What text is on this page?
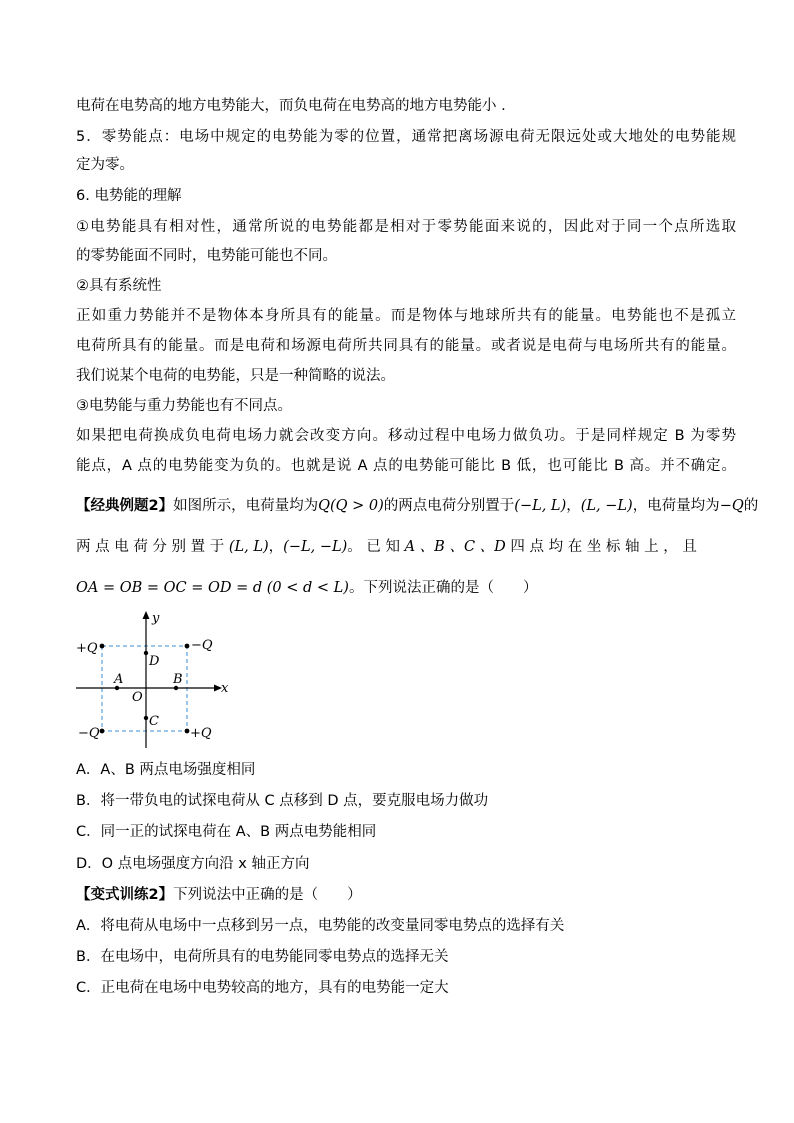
电荷在电势高的地方电势能大，而负电荷在电势高的地方电势能小 .
5．零势能点：电场中规定的电势能为零的位置，通常把离场源电荷无限远处或大地处的电势能规
定为零。
6. 电势能的理解
①电势能具有相对性，通常所说的电势能都是相对于零势能面来说的，因此对于同一个点所选取
的零势能面不同时，电势能可能也不同。
②具有系统性
正如重力势能并不是物体本身所具有的能量。而是物体与地球所共有的能量。电势能也不是孤立
电荷所具有的能量。而是电荷和场源电荷所共同具有的能量。或者说是电荷与电场所共有的能量。
我们说某个电荷的电势能，只是一种简略的说法。
③电势能与重力势能也有不同点。
如果把电荷换成负电荷电场力就会改变方向。移动过程中电场力做负功。于是同样规定 B 为零势
能点，A 点的电势能变为负的。也就是说 A 点的电势能可能比 B 低，也可能比 B 高。并不确定。
【经典例题2】如图所示，电荷量均为Q(Q > 0)的两点电荷分别置于(−L, L)，(L, −L)，电荷量均为−Q的
两 点 电 荷 分 别 置 于 (L, L)，(−L, −L)。 已 知 A 、B 、C 、D 四 点 均 在 坐 标 轴 上 ， 且
OA = OB = OC = OD = d (0 < d < L)。下列说法正确的是（　　）
y
x
O
+Q	−Q
−Q	+Q
A	B
D
C
A．A、B 两点电场强度相同
B．将一带负电的试探电荷从 C 点移到 D 点，要克服电场力做功
C．同一正的试探电荷在 A、B 两点电势能相同
D．O 点电场强度方向沿 x 轴正方向
【变式训练2】下列说法中正确的是（　　）
A．将电荷从电场中一点移到另一点，电势能的改变量同零电势点的选择有关
B．在电场中，电荷所具有的电势能同零电势点的选择无关
C．正电荷在电场中电势较高的地方，具有的电势能一定大
